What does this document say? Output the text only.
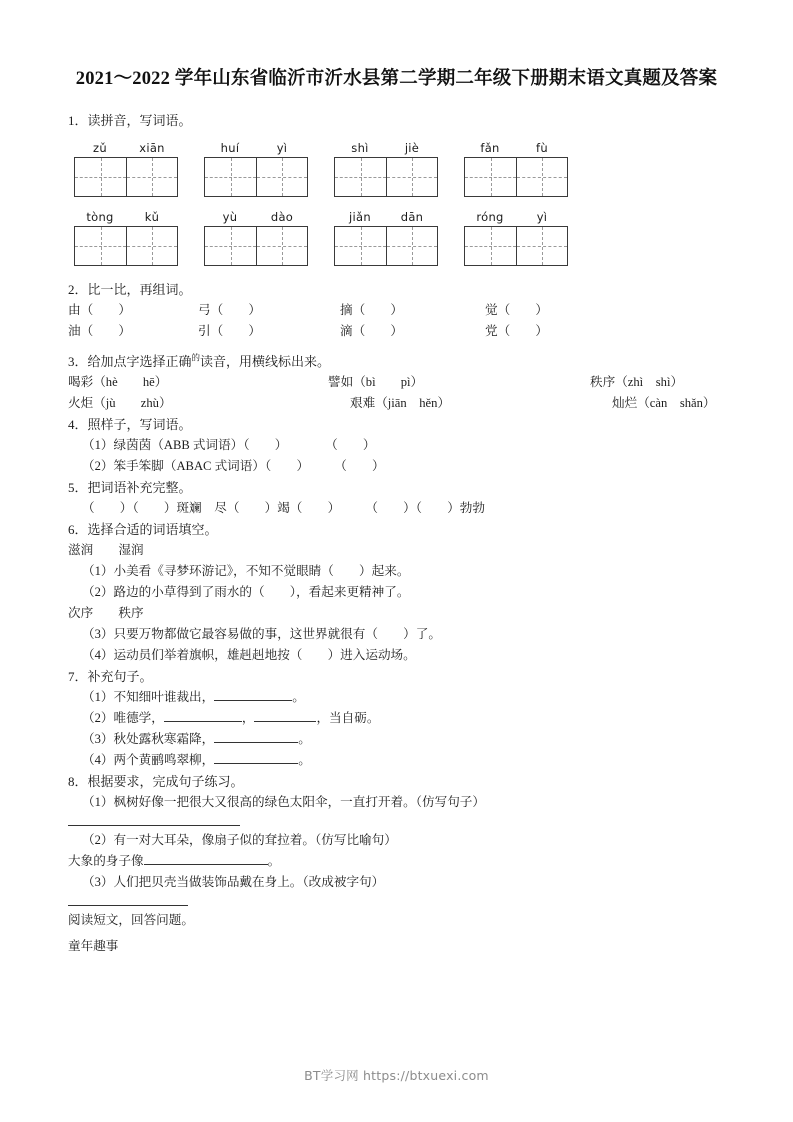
2021～2022 学年山东省临沂市沂水县第二学期二年级下册期末语文真题及答案

1．读拼音，写词语。

zǔ	xiān	huí	yì	shì	jiè	fǎn	fù
tòng	kǔ	yù	dào	jiǎn	dān	róng	yì

2．比一比，再组词。

由（        ）	弓（        ）	摘（        ）	觉（        ）
油（        ）	引（        ）	滴（        ）	党（        ）

3．给加点字选择正确$^的$读音，用横线标出来。

喝彩（hè        hē）	譬如（bì        pì）	秩序（zhì    shì）
火炬（jù        zhù）	艰难（jiān    hěn）	灿烂（càn    shǎn）

4．照样子，写词语。

（1）绿茵茵（ABB 式词语）（        ）            （        ）

（2）笨手笨脚（ABAC 式词语）（        ）        （        ）

5．把词语补充完整。

（        ）（        ）斑斓    尽（        ）竭（        ）        （        ）（        ）勃勃

6．选择合适的词语填空。

滋润        湿润

（1）小美看《寻梦环游记》，不知不觉眼睛（        ）起来。

（2）路边的小草得到了雨水的（        ），看起来更精神了。

次序        秩序

（3）只要万物都做它最容易做的事，这世界就很有（        ）了。

（4）运动员们举着旗帜，雄赳赳地按（        ）进入运动场。

7．补充句子。

（1）不知细叶谁裁出，	。

（2）唯德学，	，	，当自砺。

（3）秋处露秋寒霜降，	。

（4）两个黄鹂鸣翠柳，	。

8．根据要求，完成句子练习。

（1）枫树好像一把很大又很高的绿色太阳伞，一直打开着。（仿写句子）

（2）有一对大耳朵，像扇子似的耷拉着。（仿写比喻句）

大象的身子像	。

（3）人们把贝壳当做装饰品戴在身上。（改成被字句）

阅读短文，回答问题。

童年趣事

BT学习网 https://btxuexi.com
